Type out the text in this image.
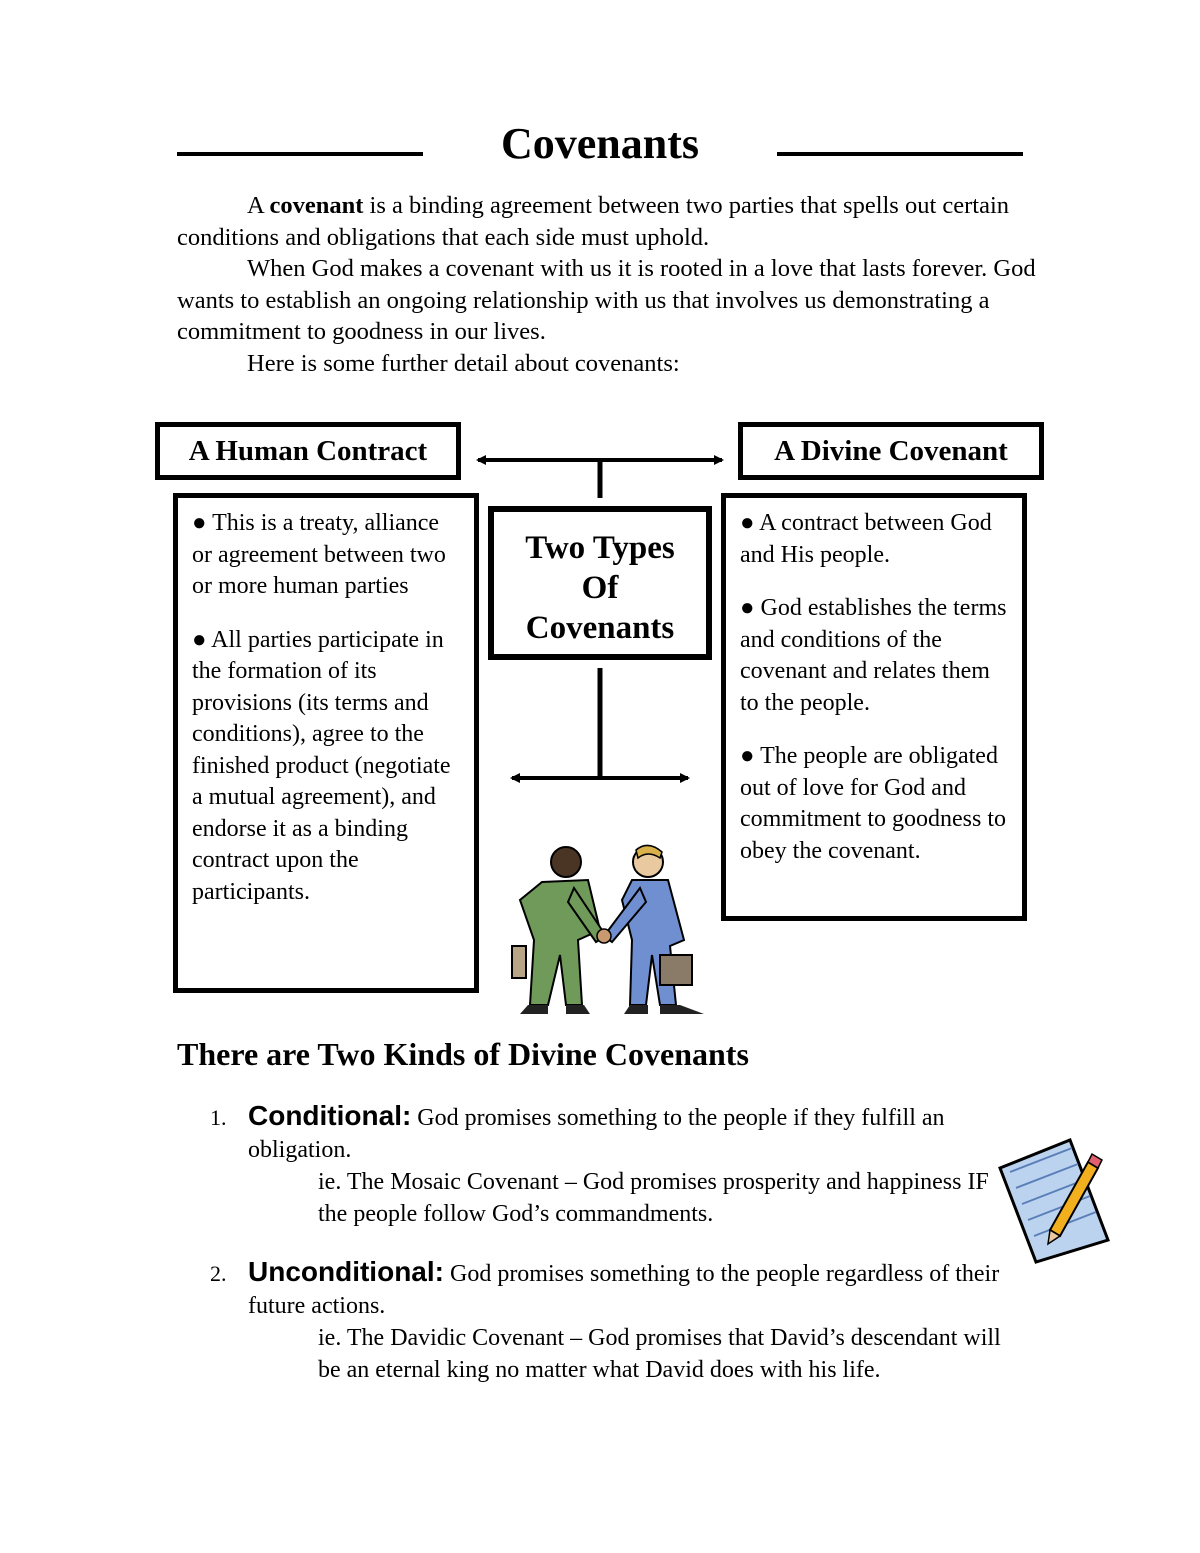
Covenants

A covenant is a binding agreement between two parties that spells out certain conditions and obligations that each side must uphold.

When God makes a covenant with us it is rooted in a love that lasts forever. God wants to establish an ongoing relationship with us that involves us demonstrating a commitment to goodness in our lives.

Here is some further detail about covenants:

A Human Contract	A Divine Covenant

● This is a treaty, alliance or agreement between two or more human parties

● All parties participate in the formation of its provisions (its terms and conditions), agree to the finished product (negotiate a mutual agreement), and endorse it as a binding contract upon the participants.

Two Types
Of
Covenants

● A contract between God and His people.

● God establishes the terms and conditions of the covenant and relates them to the people.

● The people are obligated out of love for God and commitment to goodness to obey the covenant.

There are Two Kinds of Divine Covenants
1. Conditional: God promises something to the people if they fulfill an obligation.
ie. The Mosaic Covenant – God promises prosperity and happiness IF the people follow God’s commandments.
2. Unconditional: God promises something to the people regardless of their future actions.
ie. The Davidic Covenant – God promises that David’s descendant will be an eternal king no matter what David does with his life.
